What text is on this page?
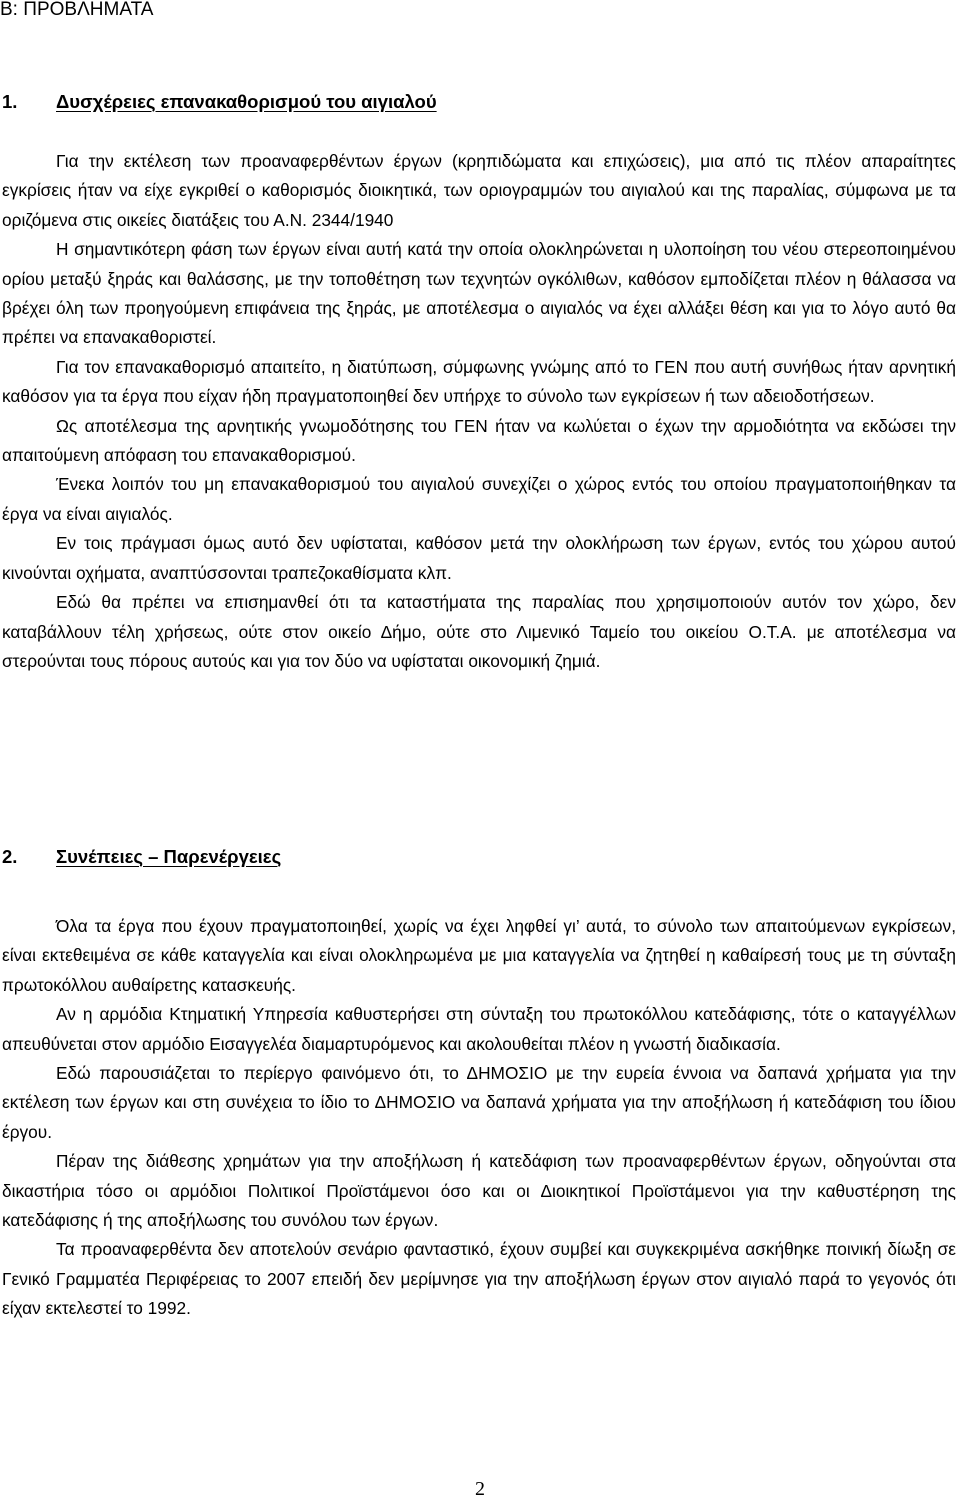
B: ΠΡΟΒΛΗΜΑΤΑ
1. Δυσχέρειες επανακαθορισμού του αιγιαλού

Για την εκτέλεση των προαναφερθέντων έργων (κρηπιδώματα και επιχώσεις), μια από τις πλέον απαραίτητες εγκρίσεις ήταν να είχε εγκριθεί ο καθορισμός διοικητικά, των οριογραμμών του αιγιαλού και της παραλίας, σύμφωνα με τα οριζόμενα στις οικείες διατάξεις του Α.Ν. 2344/1940

Η σημαντικότερη φάση των έργων είναι αυτή κατά την οποία ολοκληρώνεται η υλοποίηση του νέου στερεοποιημένου ορίου μεταξύ ξηράς και θαλάσσης, με την τοποθέτηση των τεχνητών ογκόλιθων, καθόσον εμποδίζεται πλέον η θάλασσα να βρέχει όλη των προηγούμενη επιφάνεια της ξηράς, με αποτέλεσμα ο αιγιαλός να έχει αλλάξει θέση και για το λόγο αυτό θα πρέπει να επανακαθοριστεί.

Για τον επανακαθορισμό απαιτείτο, η διατύπωση, σύμφωνης γνώμης από το ΓΕΝ που αυτή συνήθως ήταν αρνητική καθόσον για τα έργα που είχαν ήδη πραγματοποιηθεί δεν υπήρχε το σύνολο των εγκρίσεων ή των αδειοδοτήσεων.

Ως αποτέλεσμα της αρνητικής γνωμοδότησης του ΓΕΝ ήταν να κωλύεται ο έχων την αρμοδιότητα να εκδώσει την απαιτούμενη απόφαση του επανακαθορισμού.

Ένεκα λοιπόν του μη επανακαθορισμού του αιγιαλού συνεχίζει ο χώρος εντός του οποίου πραγματοποιήθηκαν τα έργα να είναι αιγιαλός.

Εν τοις πράγμασι όμως αυτό δεν υφίσταται, καθόσον μετά την ολοκλήρωση των έργων, εντός του χώρου αυτού κινούνται οχήματα, αναπτύσσονται τραπεζοκαθίσματα κλπ.

Εδώ θα πρέπει να επισημανθεί ότι τα καταστήματα της παραλίας που χρησιμοποιούν αυτόν τον χώρο, δεν καταβάλλουν τέλη χρήσεως, ούτε στον οικείο Δήμο, ούτε στο Λιμενικό Ταμείο του οικείου Ο.Τ.Α. με αποτέλεσμα να στερούνται τους πόρους αυτούς και για τον δύο να υφίσταται οικονομική ζημιά.

2. Συνέπειες – Παρενέργειες

Όλα τα έργα που έχουν πραγματοποιηθεί, χωρίς να έχει ληφθεί γι’ αυτά, το σύνολο των απαιτούμενων εγκρίσεων, είναι εκτεθειμένα σε κάθε καταγγελία και είναι ολοκληρωμένα με μια καταγγελία να ζητηθεί η καθαίρεσή τους με τη σύνταξη πρωτοκόλλου αυθαίρετης κατασκευής.

Αν η αρμόδια Κτηματική Υπηρεσία καθυστερήσει στη σύνταξη του πρωτοκόλλου κατεδάφισης, τότε ο καταγγέλλων απευθύνεται στον αρμόδιο Εισαγγελέα διαμαρτυρόμενος και ακολουθείται πλέον η γνωστή διαδικασία.

Εδώ παρουσιάζεται το περίεργο φαινόμενο ότι, το ΔΗΜΟΣΙΟ με την ευρεία έννοια να δαπανά χρήματα για την εκτέλεση των έργων και στη συνέχεια το ίδιο το ΔΗΜΟΣΙΟ να δαπανά χρήματα για την αποξήλωση ή κατεδάφιση του ίδιου έργου.

Πέραν της διάθεσης χρημάτων για την αποξήλωση ή κατεδάφιση των προαναφερθέντων έργων, οδηγούνται στα δικαστήρια τόσο οι αρμόδιοι Πολιτικοί Προϊστάμενοι όσο και οι Διοικητικοί Προϊστάμενοι για την καθυστέρηση της κατεδάφισης ή της αποξήλωσης του συνόλου των έργων.

Τα προαναφερθέντα δεν αποτελούν σενάριο φανταστικό, έχουν συμβεί και συγκεκριμένα ασκήθηκε ποινική δίωξη σε Γενικό Γραμματέα Περιφέρειας το 2007 επειδή δεν μερίμνησε για την αποξήλωση έργων στον αιγιαλό παρά το γεγονός ότι είχαν εκτελεστεί το 1992.

2
